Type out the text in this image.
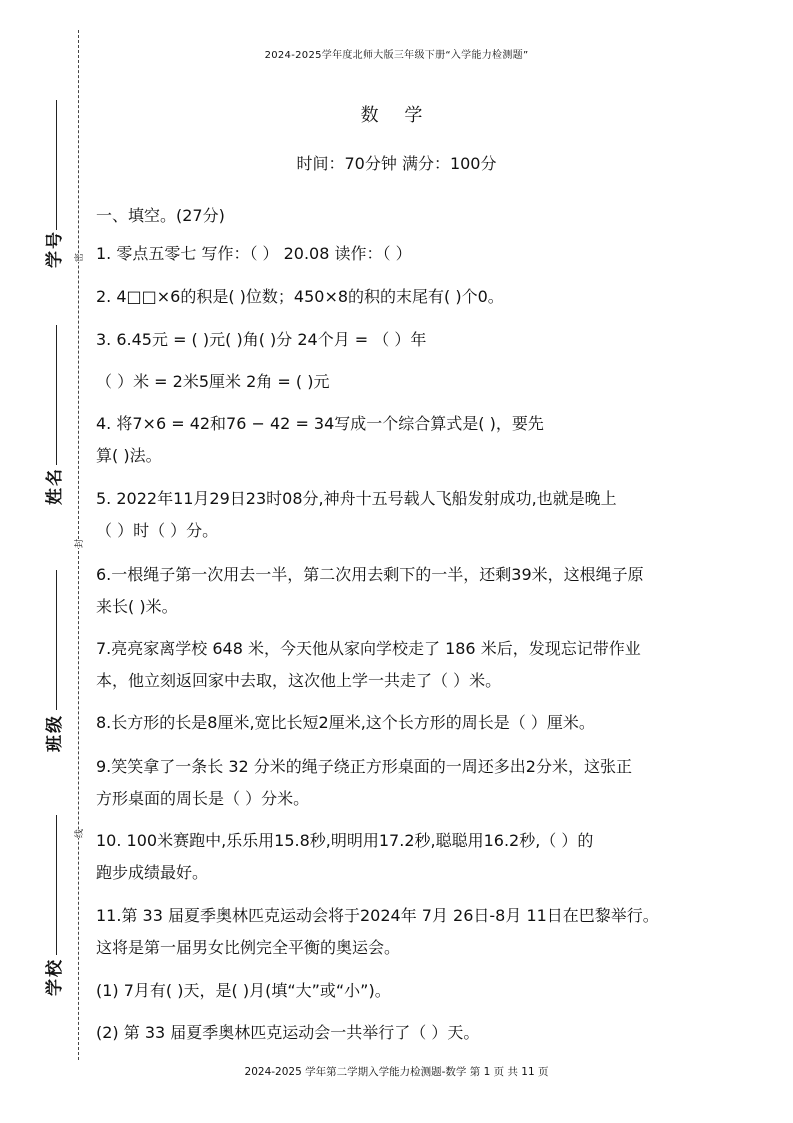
学号
姓名
班级
学校
密
封
线
2024-2025学年度北师大版三年级下册“入学能力检测题”
数 学
时间：70分钟 满分：100分
一、填空。(27分)
1. 零点五零七 写作：（ ） 20.08 读作：（ ）
2. 4□□×6的积是( )位数；450×8的积的末尾有( )个0。
3. 6.45元 = ( )元( )角( )分 24个月 = （ ）年
（ ）米 = 2米5厘米 2角 = ( )元
4. 将7×6 = 42和76 − 42 = 34写成一个综合算式是( )，要先
算( )法。
5. 2022年11月29日23时08分,神舟十五号载人飞船发射成功,也就是晚上
（ ）时（ ）分。
6.一根绳子第一次用去一半，第二次用去剩下的一半，还剩39米，这根绳子原
来长( )米。
7.亮亮家离学校 648 米，今天他从家向学校走了 186 米后，发现忘记带作业
本，他立刻返回家中去取，这次他上学一共走了（ ）米。
8.长方形的长是8厘米,宽比长短2厘米,这个长方形的周长是（ ）厘米。
9.笑笑拿了一条长 32 分米的绳子绕正方形桌面的一周还多出2分米，这张正
方形桌面的周长是（ ）分米。
10. 100米赛跑中,乐乐用15.8秒,明明用17.2秒,聪聪用16.2秒,（ ）的
跑步成绩最好。
11.第 33 届夏季奥林匹克运动会将于2024年 7月 26日-8月 11日在巴黎举行。
这将是第一届男女比例完全平衡的奥运会。
(1) 7月有( )天，是( )月(填“大”或“小”)。
(2) 第 33 届夏季奥林匹克运动会一共举行了（ ）天。
2024-2025 学年第二学期入学能力检测题-数学 第 1 页 共 11 页
